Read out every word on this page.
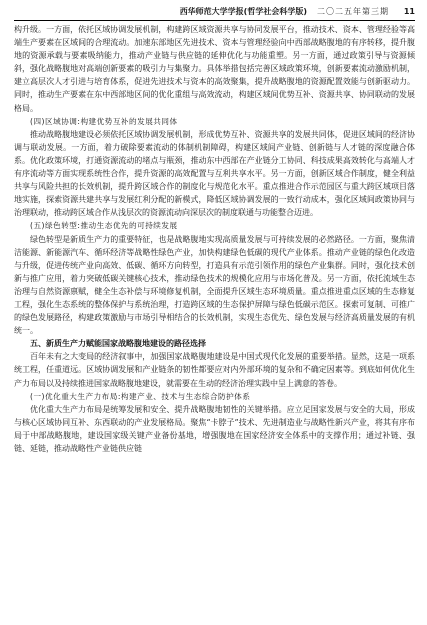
西华师范大学学报(哲学社会科学版) 二〇二五年第三期	11

构升级。一方面，依托区域协调发展机制，构建跨区域资源共享与协同发展平台，推动技术、资本、管理经验等高端生产要素在区域间的合理流动。加速东部地区先进技术、资本与管理经验向中西部战略腹地的有序转移，提升腹地的资源承载与要素吸纳能力，推动产业链与供应链的延伸优化与功能重塑。另一方面，通过政策引导与资源倾斜，强化战略腹地对高端创新要素的吸引力与集聚力。具体举措包括完善区域政策环境，创新要素流动激励机制，建立高层次人才引进与培育体系，促进先进技术与资本的高效聚集，提升战略腹地的资源配置效能与创新驱动力。同时，推动生产要素在东中西部地区间的优化重组与高效流动，构建区域间优势互补、资源共享、协同联动的发展格局。

(四)区域协调:构建优势互补的发展共同体

推动战略腹地建设必须依托区域协调发展机制，形成优势互补、资源共享的发展共同体，促进区域间的经济协调与联动发展。一方面，着力破除要素流动的体制机制障碍，构建区域间产业链、创新链与人才链的深度融合体系。优化政策环境，打通资源流动的堵点与瓶颈，推动东中西部在产业链分工协同、科技成果高效转化与高端人才有序流动等方面实现系统性合作，提升资源的高效配置与互利共享水平。另一方面，创新区域合作制度，健全利益共享与风险共担的长效机制，提升跨区域合作的制度化与规范化水平。重点推进合作示范园区与重大跨区域项目落地实施，探索资源共建共享与发展红利分配的新模式，降低区域协调发展的一致行动成本，强化区域间政策协同与治理联动，推动跨区域合作从浅层次的资源流动向深层次的制度联通与功能整合迈进。

(五)绿色转型:推动生态优先的可持续发展

绿色转型是新质生产力的重要特征，也是战略腹地实现高质量发展与可持续发展的必然路径。一方面，聚焦清洁能源、新能源汽车、循环经济等战略性绿色产业，加快构建绿色低碳的现代产业体系。推动产业链的绿色化改造与升级，促进传统产业向高效、低碳、循环方向转型，打造具有示范引领作用的绿色产业集群。同时，强化技术创新与推广应用，着力突破低碳关键核心技术，推动绿色技术的规模化应用与市场化普及。另一方面，依托流域生态治理与自然资源禀赋，健全生态补偿与环境修复机制，全面提升区域生态环境质量。重点推进重点区域的生态修复工程，强化生态系统的整体保护与系统治理，打造跨区域的生态保护屏障与绿色低碳示范区。探索可复制、可推广的绿色发展路径，构建政策激励与市场引导相结合的长效机制，实现生态优先、绿色发展与经济高质量发展的有机统一。

五、新质生产力赋能国家战略腹地建设的路径选择

百年未有之大变局的经济叙事中，加强国家战略腹地建设是中国式现代化发展的重要举措。显然，这是一项系统工程，任重道远。区域协调发展和产业链条的韧性都要应对内外部环境的复杂和不确定因素等。到底如何优化生产力布局以及持续推进国家战略腹地建设，就需要在生动的经济治理实践中呈上满意的答卷。

(一)优化重大生产力布局:构建产业、技术与生态综合防护体系

优化重大生产力布局是统筹发展和安全、提升战略腹地韧性的关键举措。应立足国家发展与安全的大局，形成与核心区域协同互补、东西联动的产业发展格局。聚焦“卡脖子”技术、先进制造业与战略性新兴产业，将其有序布局于中部战略腹地，建设国家级关键产业备份基地，增强腹地在国家经济安全体系中的支撑作用；通过补链、强链、延链，推动战略性产业链供应链
